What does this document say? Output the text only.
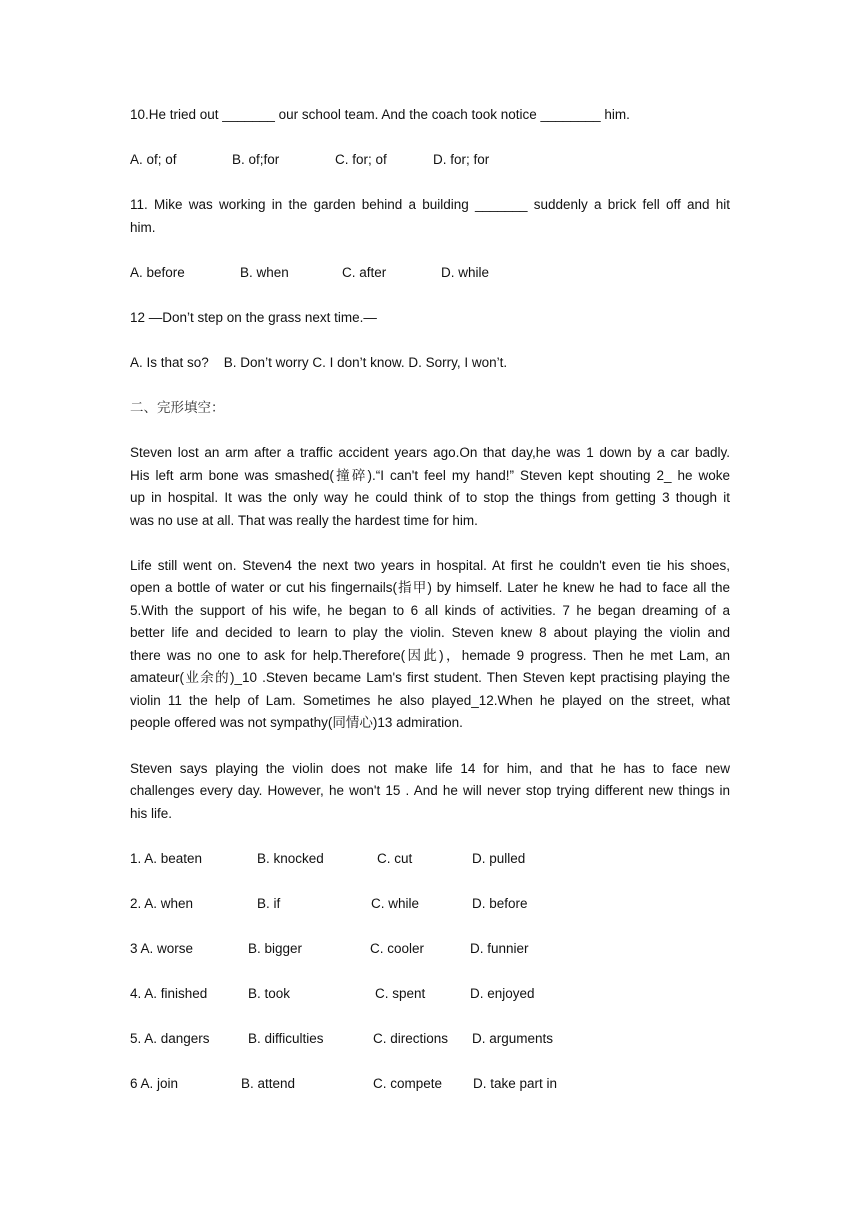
10.He tried out _______ our school team. And the coach took notice ________ him.
A. of; of	B. of;for	C. for; of	D. for; for
11. Mike was working in the garden behind a building _______ suddenly a brick fell off and hit
him.
A. before	B. when	C. after	D. while
12 —Don’t step on the grass next time.—
A. Is that so?    B. Don’t worry C. I don’t know. D. Sorry, I won’t.
二、完形填空：
Steven lost an arm after a traffic accident years ago.On that day,he was 1 down by a car badly.
His left arm bone was smashed(撞碎).“I can't feel my hand!” Steven kept shouting 2_ he woke
up in hospital. It was the only way he could think of to stop the things from getting 3 though it
was no use at all. That was really the hardest time for him.
Life still went on. Steven4 the next two years in hospital. At first he couldn't even tie his shoes,
open a bottle of water or cut his fingernails(指甲) by himself. Later he knew he had to face all the
5.With the support of his wife, he began to 6 all kinds of activities. 7 he began dreaming of a
better life and decided to learn to play the violin. Steven knew 8 about playing the violin and
there was no one to ask for help.Therefore(因此)，hemade 9 progress. Then he met Lam, an
amateur(业余的)_10 .Steven became Lam's first student. Then Steven kept practising playing the
violin 11 the help of Lam. Sometimes he also played_12.When he played on the street, what
people offered was not sympathy(同情心)13 admiration.
Steven says playing the violin does not make life 14 for him, and that he has to face new
challenges every day. However, he won't 15 . And he will never stop trying different new things in
his life.
1. A. beaten	B. knocked	C. cut	D. pulled
2. A. when	B. if	C. while	D. before
3 A. worse	B. bigger	C. cooler	D. funnier
4. A. finished	B. took	C. spent	D. enjoyed
5. A. dangers	B. difficulties	C. directions D. arguments
6 A. join	B. attend	C. compete D. take part in
